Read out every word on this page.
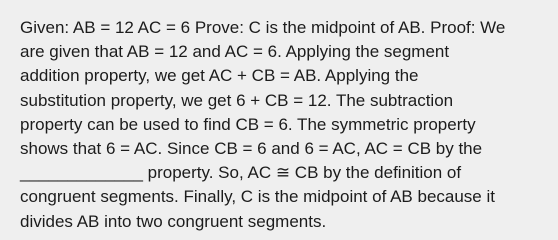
Given: AB = 12 AC = 6 Prove: C is the midpoint of AB. Proof: We

are given that AB = 12 and AC = 6. Applying the segment

addition property, we get AC + CB = AB. Applying the

substitution property, we get 6 + CB = 12. The subtraction

property can be used to find CB = 6. The symmetric property

shows that 6 = AC. Since CB = 6 and 6 = AC, AC = CB by the

_____________ property. So, AC ≅ CB by the definition of

congruent segments. Finally, C is the midpoint of AB because it

divides AB into two congruent segments.
